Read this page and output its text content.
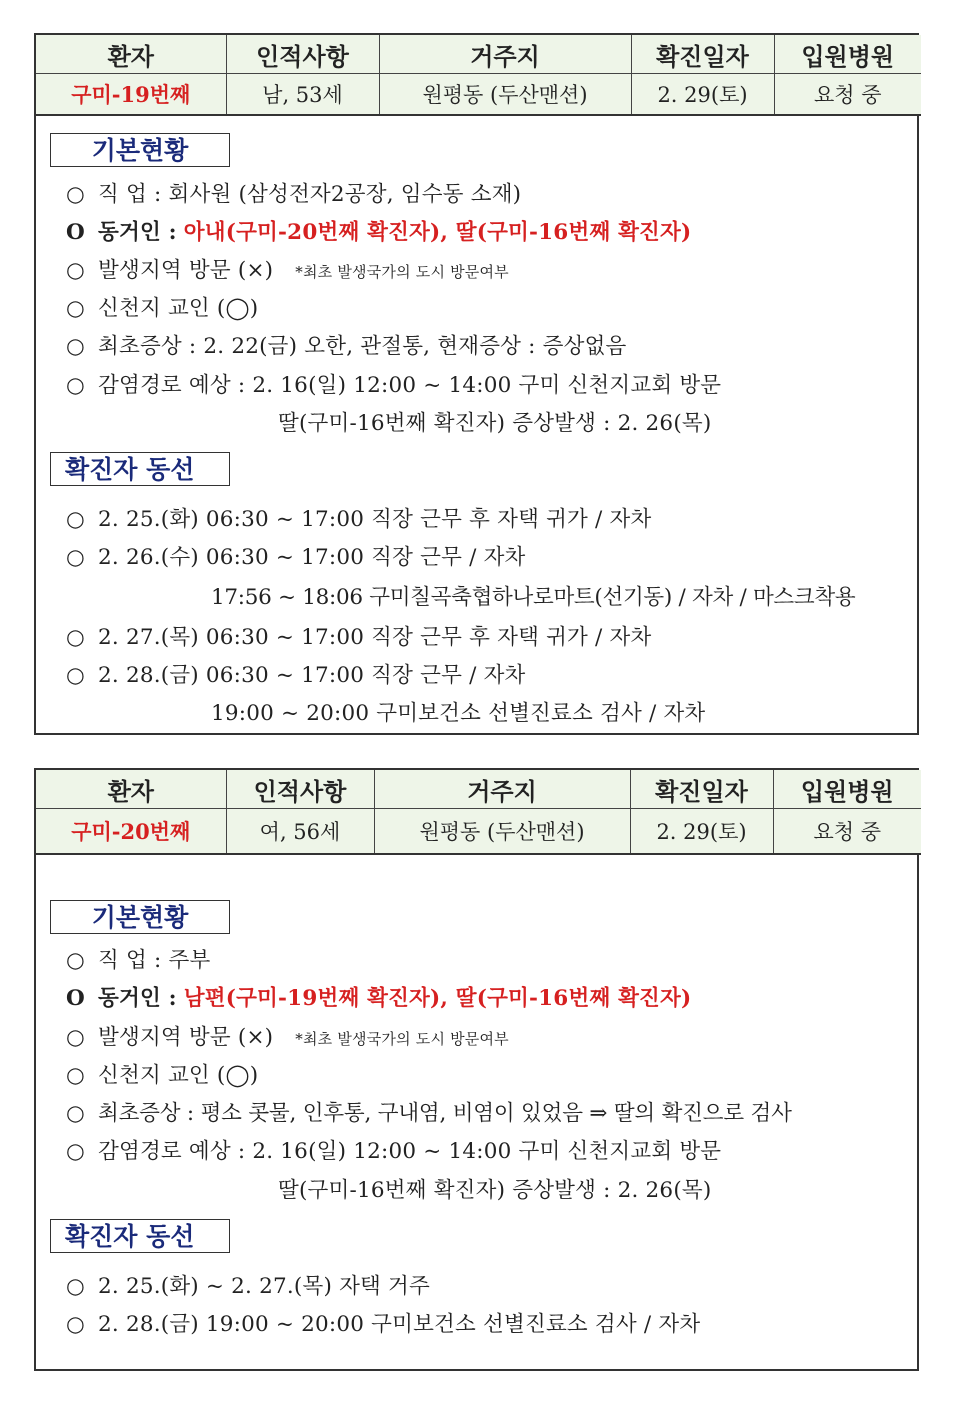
환자	인적사항	거주지	확진일자	입원병원
구미-19번째	남, 53세	원평동 (두산맨션)	2. 29(토)	요청 중
기본현황
○ 직 업 : 회사원 (삼성전자2공장, 임수동 소재)
O 동거인 : 아내(구미-20번째 확진자), 딸(구미-16번째 확진자)
○ 발생지역 방문 (×) *최초 발생국가의 도시 방문여부
○ 신천지 교인 (◯)
○ 최초증상 : 2. 22(금) 오한, 관절통, 현재증상 : 증상없음
○ 감염경로 예상 : 2. 16(일) 12:00 ~ 14:00 구미 신천지교회 방문
딸(구미-16번째 확진자) 증상발생 : 2. 26(목)
확진자 동선
○ 2. 25.(화) 06:30 ~ 17:00 직장 근무 후 자택 귀가 / 자차
○ 2. 26.(수) 06:30 ~ 17:00 직장 근무 / 자차
17:56 ~ 18:06 구미칠곡축협하나로마트(선기동) / 자차 / 마스크착용
○ 2. 27.(목) 06:30 ~ 17:00 직장 근무 후 자택 귀가 / 자차
○ 2. 28.(금) 06:30 ~ 17:00 직장 근무 / 자차
19:00 ~ 20:00 구미보건소 선별진료소 검사 / 자차
환자	인적사항	거주지	확진일자	입원병원
구미-20번째	여, 56세	원평동 (두산맨션)	2. 29(토)	요청 중
기본현황
○ 직 업 : 주부
O 동거인 : 남편(구미-19번째 확진자), 딸(구미-16번째 확진자)
○ 발생지역 방문 (×) *최초 발생국가의 도시 방문여부
○ 신천지 교인 (◯)
○ 최초증상 : 평소 콧물, 인후통, 구내염, 비염이 있었음 ⇒ 딸의 확진으로 검사
○ 감염경로 예상 : 2. 16(일) 12:00 ~ 14:00 구미 신천지교회 방문
딸(구미-16번째 확진자) 증상발생 : 2. 26(목)
확진자 동선
○ 2. 25.(화) ~ 2. 27.(목) 자택 거주
○ 2. 28.(금) 19:00 ~ 20:00 구미보건소 선별진료소 검사 / 자차
